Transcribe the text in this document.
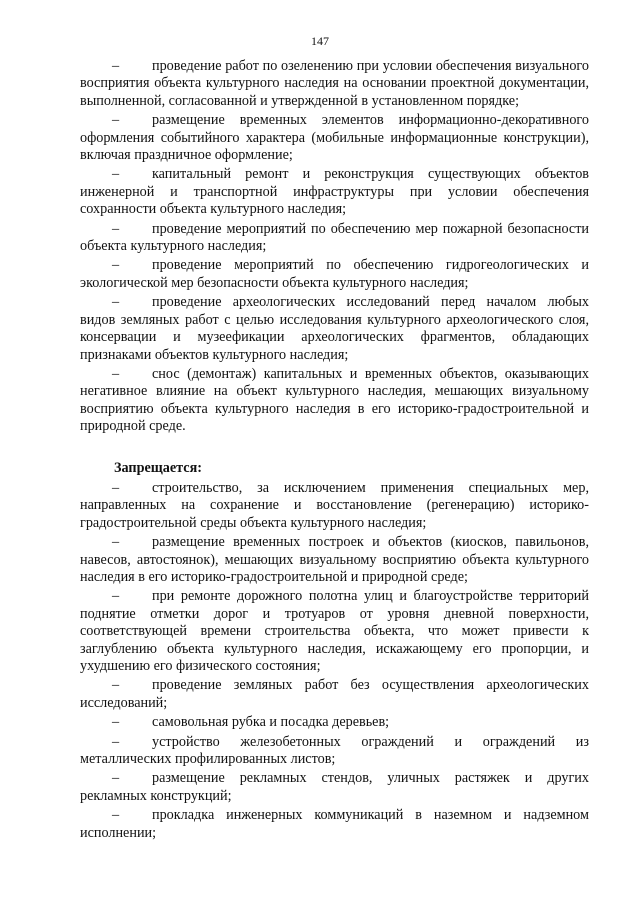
147
– проведение работ по озеленению при условии обеспечения визуального восприятия объекта культурного наследия на основании проектной документации, выполненной, согласованной и утвержденной в установленном порядке;
– размещение временных элементов информационно-декоративного оформления событийного характера (мобильные информационные конструкции), включая праздничное оформление;
– капитальный ремонт и реконструкция существующих объектов инженерной и транспортной инфраструктуры при условии обеспечения сохранности объекта культурного наследия;
– проведение мероприятий по обеспечению мер пожарной безопасности объекта культурного наследия;
– проведение мероприятий по обеспечению гидрогеологических и экологической мер безопасности объекта культурного наследия;
– проведение археологических исследований перед началом любых видов земляных работ с целью исследования культурного археологического слоя, консервации и музеефикации археологических фрагментов, обладающих признаками объектов культурного наследия;
– снос (демонтаж) капитальных и временных объектов, оказывающих негативное влияние на объект культурного наследия, мешающих визуальному восприятию объекта культурного наследия в его историко-градостроительной и природной среде.
Запрещается:
– строительство, за исключением применения специальных мер, направленных на сохранение и восстановление (регенерацию) историко-градостроительной среды объекта культурного наследия;
– размещение временных построек и объектов (киосков, павильонов, навесов, автостоянок), мешающих визуальному восприятию объекта культурного наследия в его историко-градостроительной и природной среде;
– при ремонте дорожного полотна улиц и благоустройстве территорий поднятие отметки дорог и тротуаров от уровня дневной поверхности, соответствующей времени строительства объекта, что может привести к заглублению объекта культурного наследия, искажающему его пропорции, и ухудшению его физического состояния;
– проведение земляных работ без осуществления археологических исследований;
– самовольная рубка и посадка деревьев;
– устройство железобетонных ограждений и ограждений из металлических профилированных листов;
– размещение рекламных стендов, уличных растяжек и других рекламных конструкций;
– прокладка инженерных коммуникаций в наземном и надземном исполнении;
